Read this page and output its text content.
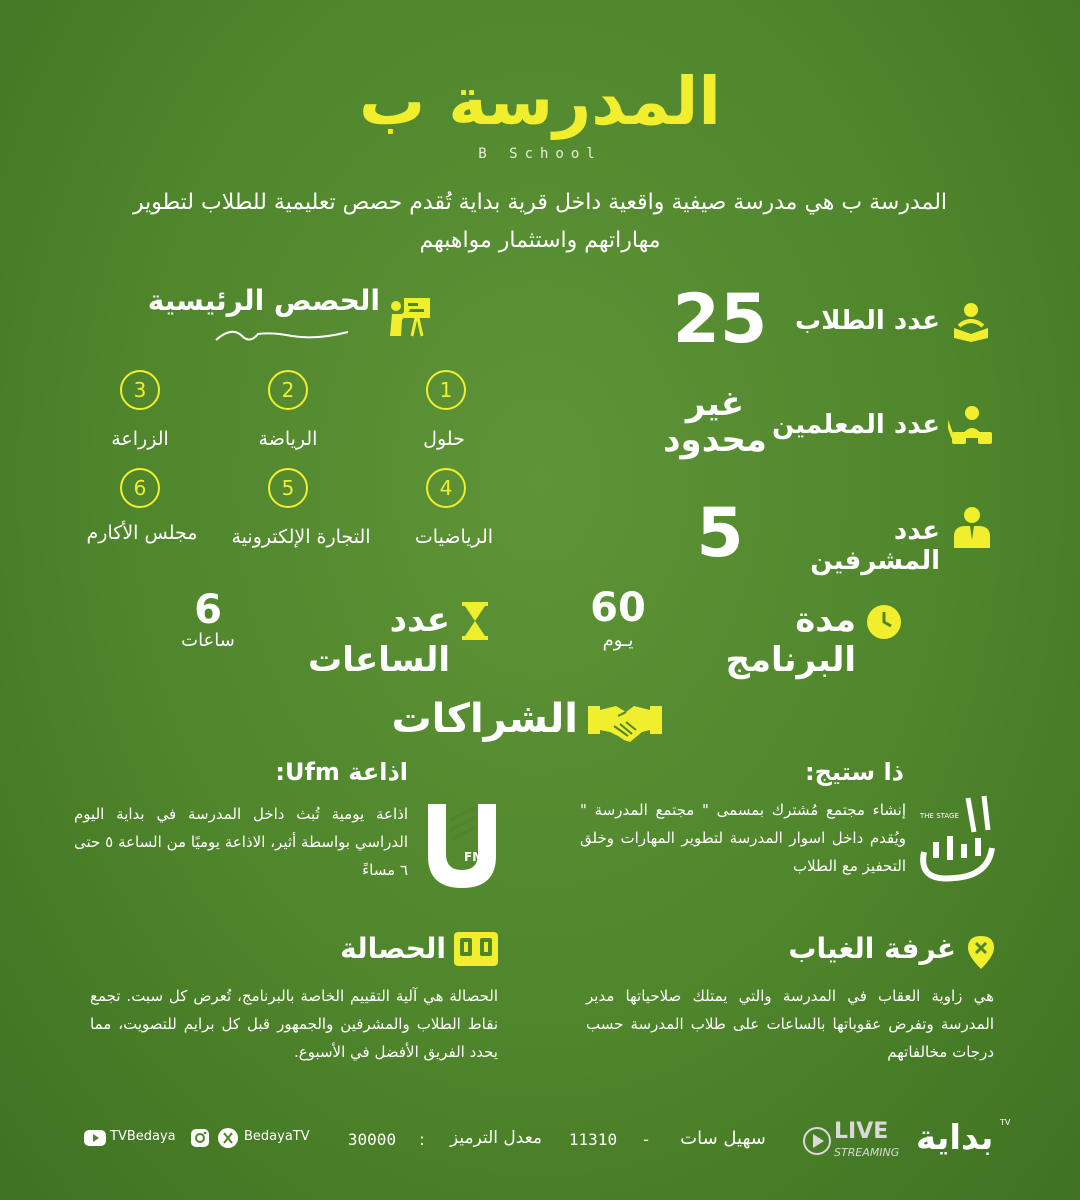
المدرسة ب
B School
المدرسة ب هي مدرسة صيفية واقعية داخل قرية بداية تُقدم حصص تعليمية للطلاب لتطوير مهاراتهم واستثمار مواهبهم
عدد الطلاب
25
عدد المعلمين
غير
محدود
عدد المشرفين
5
الحصص الرئيسية
1
حلول
2
الرياضة
3
الزراعة
4
الرياضيات
5
التجارة الإلكترونية
6
مجلس الأكارم
مدة البرنامج
60
يـوم
عدد الساعات
6
ساعات
الشراكات
ذا ستيج:
THE STAGE
إنشاء مجتمع مُشترك بمسمى " مجتمع المدرسة " ويُقدم داخل اسوار المدرسة لتطوير المهارات وخلق التحفيز مع الطلاب
اذاعة Ufm:
FM
اذاعة يومية تُبث داخل المدرسة في بداية اليوم الدراسي بواسطة أثير، الاذاعة يوميًا من الساعة ٥ حتى ٦ مساءً
غرفة الغياب
هي زاوية العقاب في المدرسة والتي يمتلك صلاحياتها مدير المدرسة وتفرض عقوباتها بالساعات على طلاب المدرسة حسب درجات مخالفاتهم
الحصالة
الحصالة هي آلية التقييم الخاصة بالبرنامج، تُعرض كل سبت. تجمع نقاط الطلاب والمشرفين والجمهور قبل كل برايم للتصويت، مما يحدد الفريق الأفضل في الأسبوع.
بداية TV
LIVE
STREAMING
سهيل سات
-
11310
معدل الترميز
:
30000
BedayaTV
TVBedaya
